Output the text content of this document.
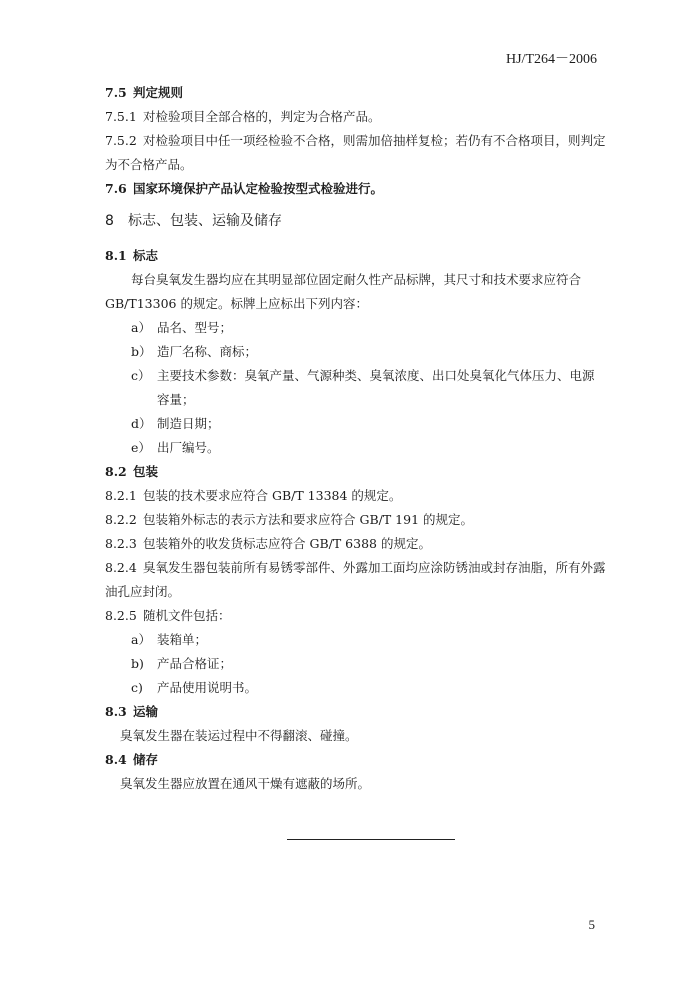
HJ/T264－2006
7.5 判定规则
7.5.1 对检验项目全部合格的，判定为合格产品。
7.5.2 对检验项目中任一项经检验不合格，则需加倍抽样复检；若仍有不合格项目，则判定
为不合格产品。
7.6 国家环境保护产品认定检验按型式检验进行。
8 标志、包装、运输及储存
8.1 标志
每台臭氧发生器均应在其明显部位固定耐久性产品标牌，其尺寸和技术要求应符合
GB/T13306 的规定。标牌上应标出下列内容：
a） 品名、型号；
b） 造厂名称、商标；
c） 主要技术参数：臭氧产量、气源种类、臭氧浓度、出口处臭氧化气体压力、电源
容量；
d） 制造日期；
e） 出厂编号。
8.2 包装
8.2.1 包装的技术要求应符合 GB/T 13384 的规定。
8.2.2 包装箱外标志的表示方法和要求应符合 GB/T 191 的规定。
8.2.3 包装箱外的收发货标志应符合 GB/T 6388 的规定。
8.2.4 臭氧发生器包装前所有易锈零部件、外露加工面均应涂防锈油或封存油脂，所有外露
油孔应封闭。
8.2.5 随机文件包括：
a） 装箱单；
b) 产品合格证；
c) 产品使用说明书。
8.3 运输
臭氧发生器在装运过程中不得翻滚、碰撞。
8.4 储存
臭氧发生器应放置在通风干燥有遮蔽的场所。
5
